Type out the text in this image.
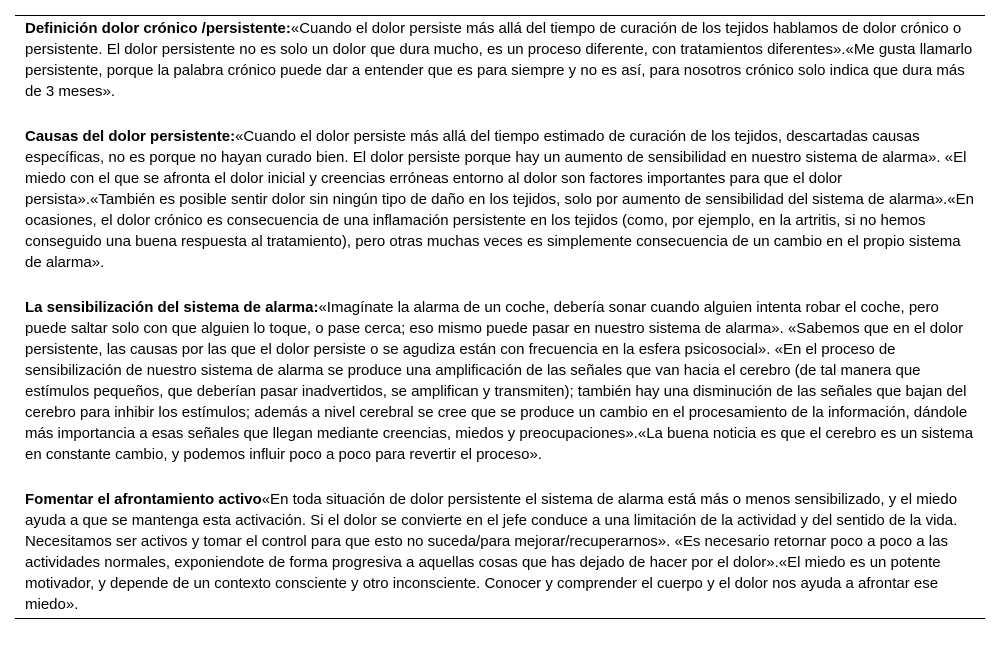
Definición dolor crónico /persistente:«Cuando el dolor persiste más allá del tiempo de curación de los tejidos hablamos de dolor crónico o persistente. El dolor persistente no es solo un dolor que dura mucho, es un proceso diferente, con tratamientos diferentes».«Me gusta llamarlo persistente, porque la palabra crónico puede dar a entender que es para siempre y no es así, para nosotros crónico solo indica que dura más de 3 meses».

Causas del dolor persistente:«Cuando el dolor persiste más allá del tiempo estimado de curación de los tejidos, descartadas causas específicas, no es porque no hayan curado bien. El dolor persiste porque hay un aumento de sensibilidad en nuestro sistema de alarma». «El miedo con el que se afronta el dolor inicial y creencias erróneas entorno al dolor son factores importantes para que el dolor persista».«También es posible sentir dolor sin ningún tipo de daño en los tejidos, solo por aumento de sensibilidad del sistema de alarma».«En ocasiones, el dolor crónico es consecuencia de una inflamación persistente en los tejidos (como, por ejemplo, en la artritis, si no hemos conseguido una buena respuesta al tratamiento), pero otras muchas veces es simplemente consecuencia de un cambio en el propio sistema de alarma».

La sensibilización del sistema de alarma:«Imagínate la alarma de un coche, debería sonar cuando alguien intenta robar el coche, pero puede saltar solo con que alguien lo toque, o pase cerca; eso mismo puede pasar en nuestro sistema de alarma». «Sabemos que en el dolor persistente, las causas por las que el dolor persiste o se agudiza están con frecuencia en la esfera psicosocial». «En el proceso de sensibilización de nuestro sistema de alarma se produce una amplificación de las señales que van hacia el cerebro (de tal manera que estímulos pequeños, que deberían pasar inadvertidos, se amplifican y transmiten); también hay una disminución de las señales que bajan del cerebro para inhibir los estímulos; además a nivel cerebral se cree que se produce un cambio en el procesamiento de la información, dándole más importancia a esas señales que llegan mediante creencias, miedos y preocupaciones».«La buena noticia es que el cerebro es un sistema en constante cambio, y podemos influir poco a poco para revertir el proceso».

Fomentar el afrontamiento activo«En toda situación de dolor persistente el sistema de alarma está más o menos sensibilizado, y el miedo ayuda a que se mantenga esta activación. Si el dolor se convierte en el jefe conduce a una limitación de la actividad y del sentido de la vida. Necesitamos ser activos y tomar el control para que esto no suceda/para mejorar/recuperarnos». «Es necesario retornar poco a poco a las actividades normales, exponiendote de forma progresiva a aquellas cosas que has dejado de hacer por el dolor».«El miedo es un potente motivador, y depende de un contexto consciente y otro inconsciente. Conocer y comprender el cuerpo y el dolor nos ayuda a afrontar ese miedo».
